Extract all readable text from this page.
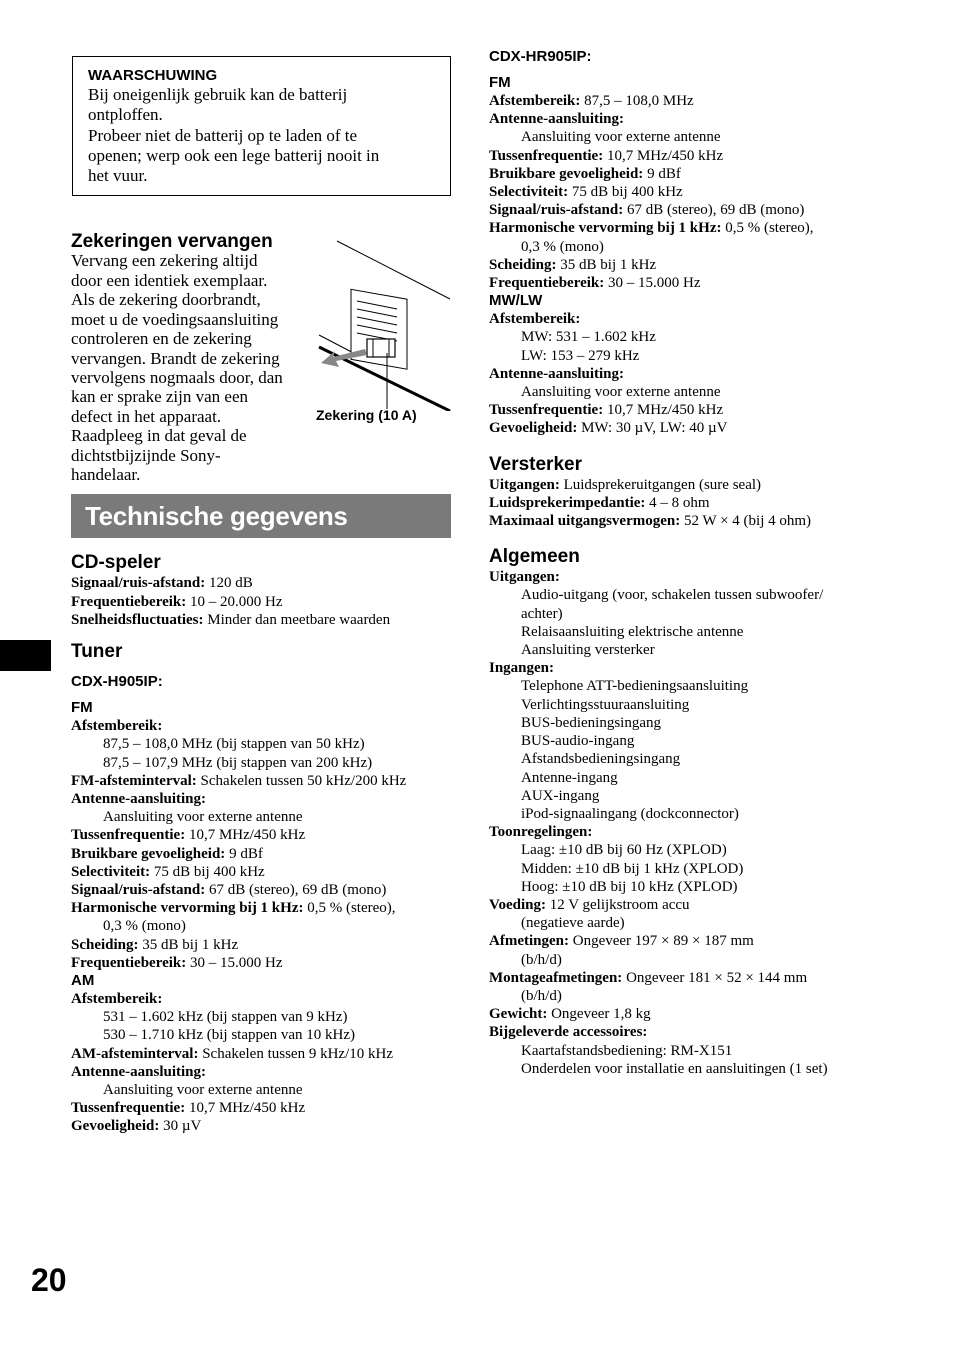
20
WAARSCHUWING
Bij oneigenlijk gebruik kan de batterij
ontploffen.
Probeer niet de batterij op te laden of te
openen; werp ook een lege batterij nooit in
het vuur.
Zekeringen vervangen
Vervang een zekering altijd
door een identiek exemplaar.
Als de zekering doorbrandt,
moet u de voedingsaansluiting
controleren en de zekering
vervangen. Brandt de zekering
vervolgens nogmaals door, dan
kan er sprake zijn van een
defect in het apparaat.
Raadpleeg in dat geval de
dichtstbijzijnde Sony-
handelaar.
Zekering (10 A)
Technische gegevens
CD-speler
Signaal/ruis-afstand: 120 dB
Frequentiebereik: 10 – 20.000 Hz
Snelheidsfluctuaties: Minder dan meetbare waarden
Tuner
CDX-H905IP:
FM
Afstembereik:
87,5 – 108,0 MHz (bij stappen van 50 kHz)
87,5 – 107,9 MHz (bij stappen van 200 kHz)
FM-afsteminterval: Schakelen tussen 50 kHz/200 kHz
Antenne-aansluiting:
Aansluiting voor externe antenne
Tussenfrequentie: 10,7 MHz/450 kHz
Bruikbare gevoeligheid: 9 dBf
Selectiviteit: 75 dB bij 400 kHz
Signaal/ruis-afstand: 67 dB (stereo), 69 dB (mono)
Harmonische vervorming bij 1 kHz: 0,5 % (stereo),
0,3 % (mono)
Scheiding: 35 dB bij 1 kHz
Frequentiebereik: 30 – 15.000 Hz
AM
Afstembereik:
531 – 1.602 kHz (bij stappen van 9 kHz)
530 – 1.710 kHz (bij stappen van 10 kHz)
AM-afsteminterval: Schakelen tussen 9 kHz/10 kHz
Antenne-aansluiting:
Aansluiting voor externe antenne
Tussenfrequentie: 10,7 MHz/450 kHz
Gevoeligheid: 30 µV
CDX-HR905IP:
FM
Afstembereik: 87,5 – 108,0 MHz
Antenne-aansluiting:
Aansluiting voor externe antenne
Tussenfrequentie: 10,7 MHz/450 kHz
Bruikbare gevoeligheid: 9 dBf
Selectiviteit: 75 dB bij 400 kHz
Signaal/ruis-afstand: 67 dB (stereo), 69 dB (mono)
Harmonische vervorming bij 1 kHz: 0,5 % (stereo),
0,3 % (mono)
Scheiding: 35 dB bij 1 kHz
Frequentiebereik: 30 – 15.000 Hz
MW/LW
Afstembereik:
MW: 531 – 1.602 kHz
LW: 153 – 279 kHz
Antenne-aansluiting:
Aansluiting voor externe antenne
Tussenfrequentie: 10,7 MHz/450 kHz
Gevoeligheid: MW: 30 µV, LW: 40 µV
Versterker
Uitgangen: Luidsprekeruitgangen (sure seal)
Luidsprekerimpedantie: 4 – 8 ohm
Maximaal uitgangsvermogen: 52 W × 4 (bij 4 ohm)
Algemeen
Uitgangen:
Audio-uitgang (voor, schakelen tussen subwoofer/
achter)
Relaisaansluiting elektrische antenne
Aansluiting versterker
Ingangen:
Telephone ATT-bedieningsaansluiting
Verlichtingsstuuraansluiting
BUS-bedieningsingang
BUS-audio-ingang
Afstandsbedieningsingang
Antenne-ingang
AUX-ingang
iPod-signaalingang (dockconnector)
Toonregelingen:
Laag: ±10 dB bij 60 Hz (XPLOD)
Midden: ±10 dB bij 1 kHz (XPLOD)
Hoog: ±10 dB bij 10 kHz (XPLOD)
Voeding: 12 V gelijkstroom accu
(negatieve aarde)
Afmetingen: Ongeveer 197 × 89 × 187 mm
(b/h/d)
Montageafmetingen: Ongeveer 181 × 52 × 144 mm
(b/h/d)
Gewicht: Ongeveer 1,8 kg
Bijgeleverde accessoires:
Kaartafstandsbediening: RM-X151
Onderdelen voor installatie en aansluitingen (1 set)
